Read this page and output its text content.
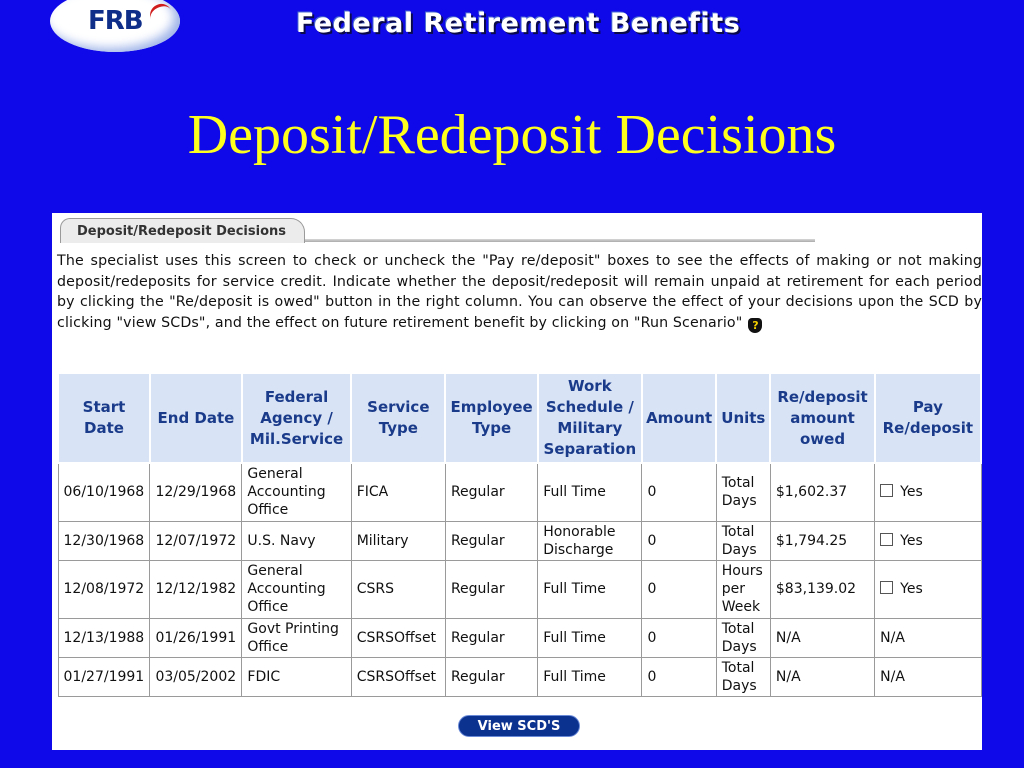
FRB	Federal Retirement Benefits
Deposit/Redeposit Decisions
Deposit/Redeposit Decisions
The specialist uses this screen to check or uncheck the "Pay re/deposit" boxes to see the effects of making or not making deposit/redeposits for service credit. Indicate whether the deposit/redeposit will remain unpaid at retirement for each period by clicking the "Re/deposit is owed" button in the right column. You can observe the effect of your decisions upon the SCD by clicking "view SCDs", and the effect on future retirement benefit by clicking on "Run Scenario" ?
Start Date	End Date	Federal Agency / Mil.Service	Service Type	Employee Type	Work Schedule / Military Separation	Amount	Units	Re/deposit amount owed	Pay Re/deposit
06/10/1968	12/29/1968	General Accounting Office	FICA	Regular	Full Time	0	Total Days	$1,602.37	Yes
12/30/1968	12/07/1972	U.S. Navy	Military	Regular	Honorable Discharge	0	Total Days	$1,794.25	Yes
12/08/1972	12/12/1982	General Accounting Office	CSRS	Regular	Full Time	0	Hours per Week	$83,139.02	Yes
12/13/1988	01/26/1991	Govt Printing Office	CSRSOffset	Regular	Full Time	0	Total Days	N/A	N/A
01/27/1991	03/05/2002	FDIC	CSRSOffset	Regular	Full Time	0	Total Days	N/A	N/A
View SCD'S
